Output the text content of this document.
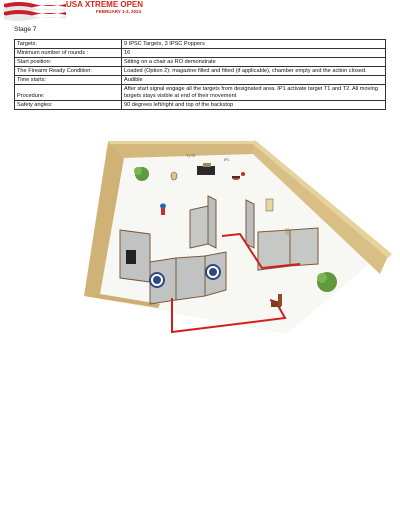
USA XTREME OPEN
FEBRUARY 1-3, 2024
Stage 7
Targets:	9 IPSC Targets, 3 IPSC Poppers
Minimum number of rounds :	16
Start position:	Sitting on a chair as RO demonstrate
The Firearm Ready Condition:	Loaded (Option 2): magazine filled and fitted (if applicable), chamber empty and the action closed.
Time starts:	Audible
Procedure:	After start signal engage all the targets from designated area. IP1 activate target T1 and T2. All moving targets stays visible at end of their movement
Safety angles:	90 degrees left/right and top of the backstop
T1,T2
IP1
